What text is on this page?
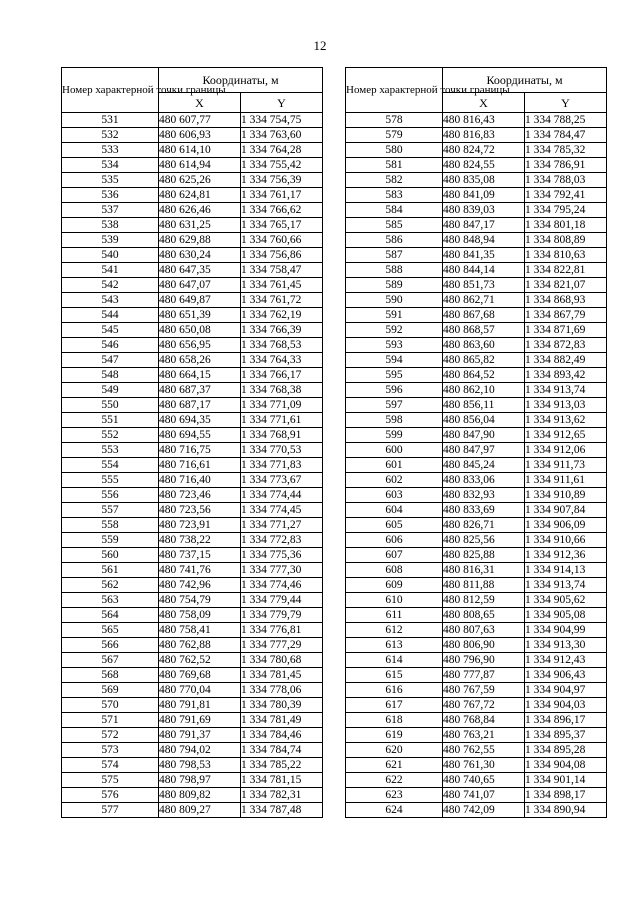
12
Номер характерной точки границы	Координаты, м	
	X	Y
531	480 607,77	1 334 754,75
532	480 606,93	1 334 763,60
533	480 614,10	1 334 764,28
534	480 614,94	1 334 755,42
535	480 625,26	1 334 756,39
536	480 624,81	1 334 761,17
537	480 626,46	1 334 766,62
538	480 631,25	1 334 765,17
539	480 629,88	1 334 760,66
540	480 630,24	1 334 756,86
541	480 647,35	1 334 758,47
542	480 647,07	1 334 761,45
543	480 649,87	1 334 761,72
544	480 651,39	1 334 762,19
545	480 650,08	1 334 766,39
546	480 656,95	1 334 768,53
547	480 658,26	1 334 764,33
548	480 664,15	1 334 766,17
549	480 687,37	1 334 768,38
550	480 687,17	1 334 771,09
551	480 694,35	1 334 771,61
552	480 694,55	1 334 768,91
553	480 716,75	1 334 770,53
554	480 716,61	1 334 771,83
555	480 716,40	1 334 773,67
556	480 723,46	1 334 774,44
557	480 723,56	1 334 774,45
558	480 723,91	1 334 771,27
559	480 738,22	1 334 772,83
560	480 737,15	1 334 775,36
561	480 741,76	1 334 777,30
562	480 742,96	1 334 774,46
563	480 754,79	1 334 779,44
564	480 758,09	1 334 779,79
565	480 758,41	1 334 776,81
566	480 762,88	1 334 777,29
567	480 762,52	1 334 780,68
568	480 769,68	1 334 781,45
569	480 770,04	1 334 778,06
570	480 791,81	1 334 780,39
571	480 791,69	1 334 781,49
572	480 791,37	1 334 784,46
573	480 794,02	1 334 784,74
574	480 798,53	1 334 785,22
575	480 798,97	1 334 781,15
576	480 809,82	1 334 782,31
577	480 809,27	1 334 787,48
Номер характерной точки границы	Координаты, м	
	X	Y
578	480 816,43	1 334 788,25
579	480 816,83	1 334 784,47
580	480 824,72	1 334 785,32
581	480 824,55	1 334 786,91
582	480 835,08	1 334 788,03
583	480 841,09	1 334 792,41
584	480 839,03	1 334 795,24
585	480 847,17	1 334 801,18
586	480 848,94	1 334 808,89
587	480 841,35	1 334 810,63
588	480 844,14	1 334 822,81
589	480 851,73	1 334 821,07
590	480 862,71	1 334 868,93
591	480 867,68	1 334 867,79
592	480 868,57	1 334 871,69
593	480 863,60	1 334 872,83
594	480 865,82	1 334 882,49
595	480 864,52	1 334 893,42
596	480 862,10	1 334 913,74
597	480 856,11	1 334 913,03
598	480 856,04	1 334 913,62
599	480 847,90	1 334 912,65
600	480 847,97	1 334 912,06
601	480 845,24	1 334 911,73
602	480 833,06	1 334 911,61
603	480 832,93	1 334 910,89
604	480 833,69	1 334 907,84
605	480 826,71	1 334 906,09
606	480 825,56	1 334 910,66
607	480 825,88	1 334 912,36
608	480 816,31	1 334 914,13
609	480 811,88	1 334 913,74
610	480 812,59	1 334 905,62
611	480 808,65	1 334 905,08
612	480 807,63	1 334 904,99
613	480 806,90	1 334 913,30
614	480 796,90	1 334 912,43
615	480 777,87	1 334 906,43
616	480 767,59	1 334 904,97
617	480 767,72	1 334 904,03
618	480 768,84	1 334 896,17
619	480 763,21	1 334 895,37
620	480 762,55	1 334 895,28
621	480 761,30	1 334 904,08
622	480 740,65	1 334 901,14
623	480 741,07	1 334 898,17
624	480 742,09	1 334 890,94
